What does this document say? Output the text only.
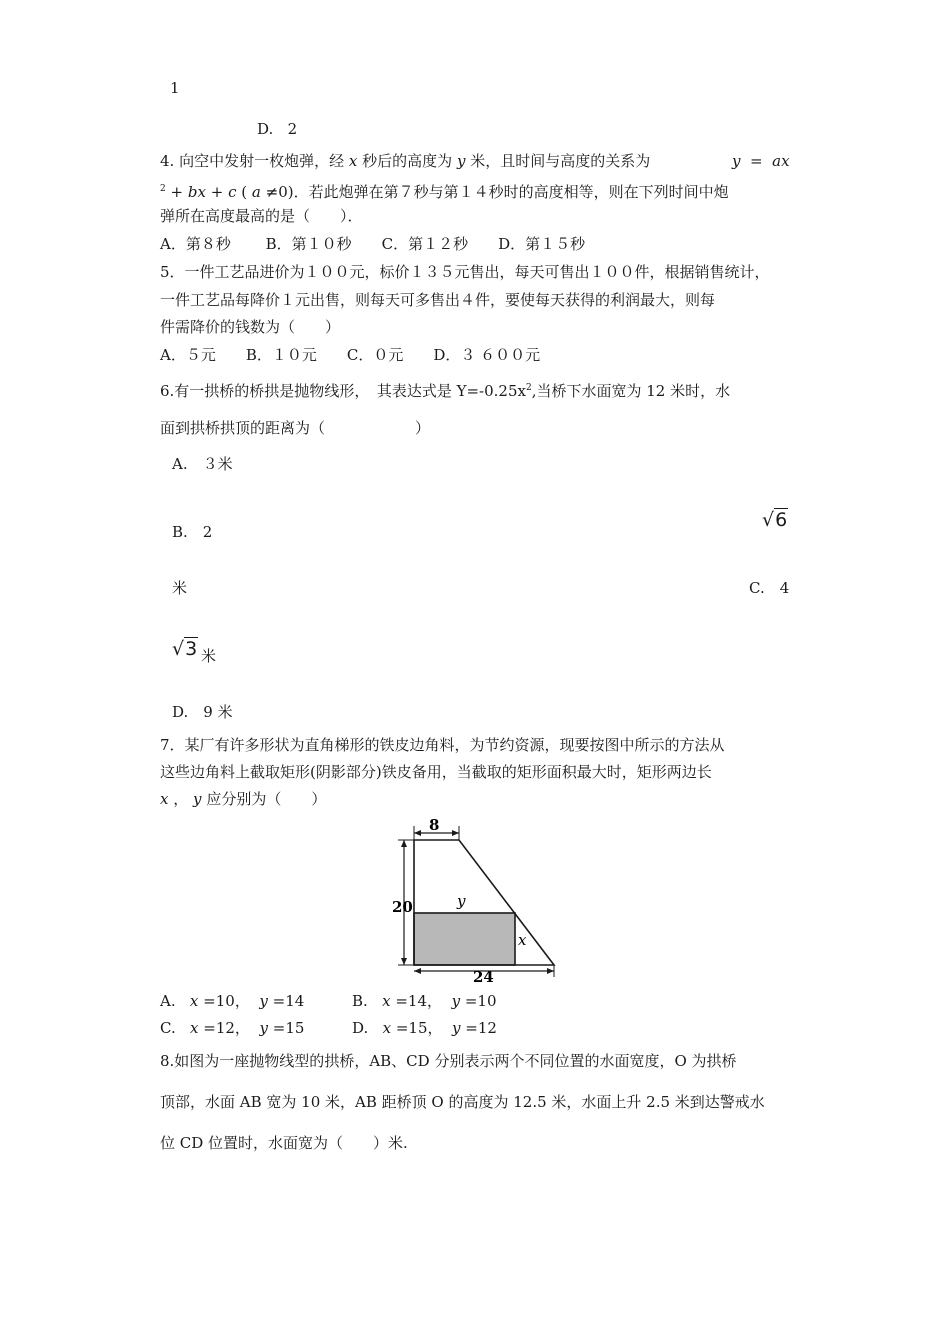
1
D. 2
4. 向空中发射一枚炮弹，经 x 秒后的高度为 y 米，且时间与高度的关系为	y = ax
$^2$ + bx + c ( a ≠0)．若此炮弹在第７秒与第１４秒时的高度相等，则在下列时间中炮
弹所在高度最高的是（　　）．
A．第８秒　　 B．第１０秒　　C．第１２秒　　D．第１５秒
5．一件工艺品进价为１００元，标价１３５元售出，每天可售出１００件，根据销售统计，
一件工艺品每降价１元出售，则每天可多售出４件，要使每天获得的利润最大，则每
件需降价的钱数为（　　）
A．５元　　B．１０元　　C．０元　　D．３ ６００元
6.有一拱桥的桥拱是抛物线形，　其表达式是 $Y=-0.25x^2$,当桥下水面宽为 12 米时，水
面到拱桥拱顶的距离为（　　　　　　）
A.　３米
B.　2
√6
米	C.　4
√3 米
D.　9 米
7．某厂有许多形状为直角梯形的铁皮边角料，为节约资源，现要按图中所示的方法从
这些边角料上截取矩形(阴影部分)铁皮备用，当截取的矩形面积最大时，矩形两边长
x ， y 应分别为（　　）
8
20
24
y
x
A. x =10， y =14	B. x =14， y =10
C. x =12， y =15	D. x =15， y =12
8.如图为一座抛物线型的拱桥，AB、CD 分别表示两个不同位置的水面宽度，O 为拱桥
顶部，水面 AB 宽为 10 米，AB 距桥顶 O 的高度为 12.5 米，水面上升 2.5 米到达警戒水
位 CD 位置时，水面宽为（　　）米.
